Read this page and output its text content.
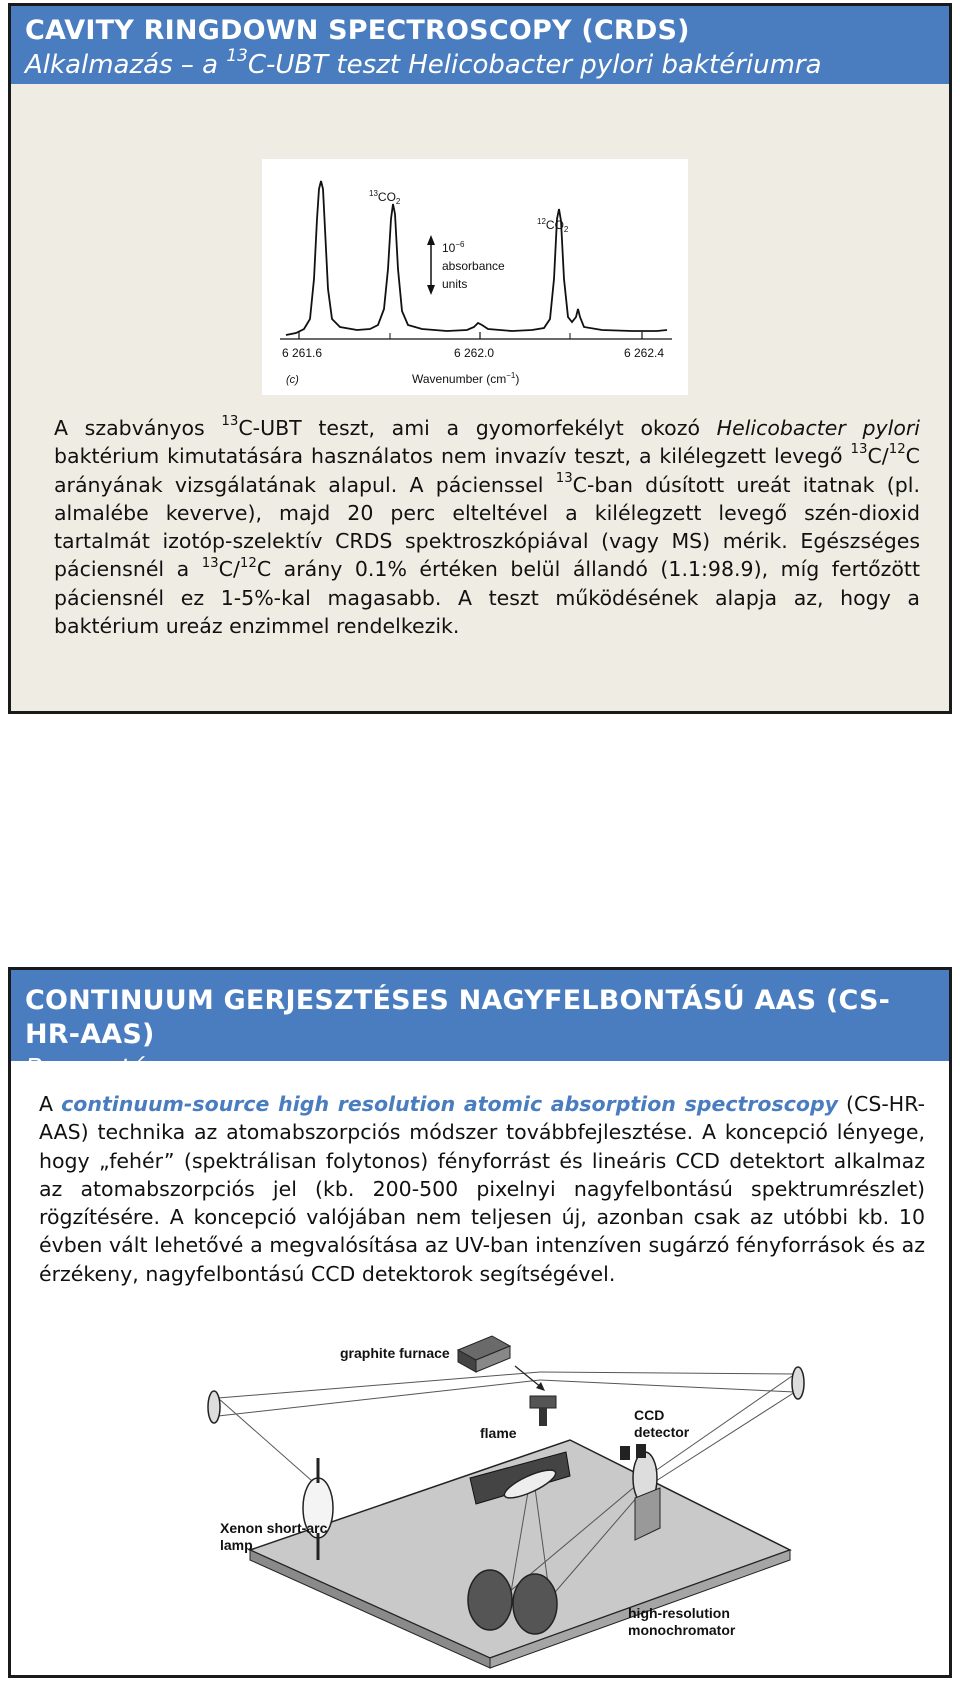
CAVITY RINGDOWN SPECTROSCOPY (CRDS)
Alkalmazás – a $^{13}$C-UBT teszt Helicobacter pylori baktériumra
$^{13}CO_2$
$^{12}CO_2$
$10^{-6}$
absorbance
units
6 261.6	6 262.0	6 262.4
(c)	Wavenumber $(cm^{-1})$
A szabványos $^{13}$C-UBT teszt, ami a gyomorfekélyt okozó Helicobacter pylori baktérium kimutatására használatos nem invazív teszt, a kilélegzett levegő $^{13}$C/$^{12}$C arányának vizsgálatának alapul. A pácienssel $^{13}$C-ban dúsított ureát itatnak (pl. almalébe keverve), majd 20 perc elteltével a kilélegzett levegő szén-dioxid tartalmát izotóp-szelektív CRDS spektroszkópiával (vagy MS) mérik. Egészséges páciensnél a $^{13}$C/$^{12}$C arány 0.1% értéken belül állandó (1.1:98.9), míg fertőzött páciensnél ez 1-5%-kal magasabb. A teszt működésének alapja az, hogy a baktérium ureáz enzimmel rendelkezik.
CONTINUUM GERJESZTÉSES NAGYFELBONTÁSÚ AAS (CS-HR-AAS)
Bevezetés
A continuum-source high resolution atomic absorption spectroscopy (CS-HR-AAS) technika az atomabszorpciós módszer továbbfejlesztése. A koncepció lényege, hogy „fehér” (spektrálisan folytonos) fényforrást és lineáris CCD detektort alkalmaz az atomabszorpciós jel (kb. 200-500 pixelnyi nagyfelbontású spektrumrészlet) rögzítésére. A koncepció valójában nem teljesen új, azonban csak az utóbbi kb. 10 évben vált lehetővé a megvalósítása az UV-ban intenzíven sugárzó fényforrások és az érzékeny, nagyfelbontású CCD detektorok segítségével.
graphite furnace
flame
Xenon short-arc
lamp
CCD
detector
high-resolution
monochromator
